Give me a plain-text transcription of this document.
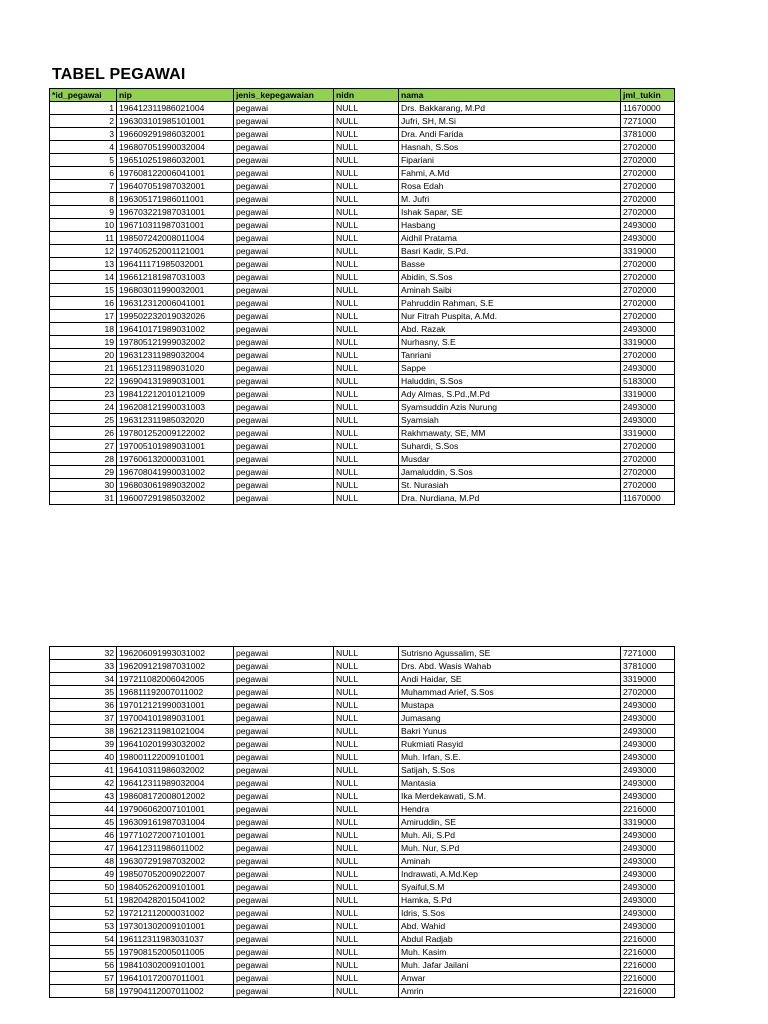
TABEL PEGAWAI
*id_pegawai	nip	jenis_kepegawaian	nidn	nama	jml_tukin
1	196412311986021004	pegawai	NULL	Drs. Bakkarang, M.Pd	11670000
2	196303101985101001	pegawai	NULL	Jufri, SH, M.Si	7271000
3	196609291986032001	pegawai	NULL	Dra. Andi Farida	3781000
4	196807051990032004	pegawai	NULL	Hasnah, S.Sos	2702000
5	196510251986032001	pegawai	NULL	Fipariani	2702000
6	197608122006041001	pegawai	NULL	Fahmi, A.Md	2702000
7	196407051987032001	pegawai	NULL	Rosa Edah	2702000
8	196305171986011001	pegawai	NULL	M. Jufri	2702000
9	196703221987031001	pegawai	NULL	Ishak Sapar, SE	2702000
10	196710311987031001	pegawai	NULL	Hasbang	2493000
11	198507242008011004	pegawai	NULL	Aidhil Pratama	2493000
12	197405252001121001	pegawai	NULL	Basri Kadir, S.Pd.	3319000
13	196411171985032001	pegawai	NULL	Basse	2702000
14	196612181987031003	pegawai	NULL	Abidin, S.Sos	2702000
15	196803011990032001	pegawai	NULL	Aminah Saibi	2702000
16	196312312006041001	pegawai	NULL	Pahruddin Rahman, S.E	2702000
17	199502232019032026	pegawai	NULL	Nur Fitrah Puspita, A.Md.	2702000
18	196410171989031002	pegawai	NULL	Abd. Razak	2493000
19	197805121999032002	pegawai	NULL	Nurhasny, S.E	3319000
20	196312311989032004	pegawai	NULL	Tanriani	2702000
21	196512311989031020	pegawai	NULL	Sappe	2493000
22	196904131989031001	pegawai	NULL	Haluddin, S.Sos	5183000
23	198412212010121009	pegawai	NULL	Ady Almas, S.Pd.,M.Pd	3319000
24	196208121990031003	pegawai	NULL	Syamsuddin Azis Nurung	2493000
25	196312311985032020	pegawai	NULL	Syamsiah	2493000
26	197801252009122002	pegawai	NULL	Rakhmawaty, SE, MM	3319000
27	197005101989031001	pegawai	NULL	Suhardi, S.Sos	2702000
28	197606132000031001	pegawai	NULL	Musdar	2702000
29	196708041990031002	pegawai	NULL	Jamaluddin, S.Sos	2702000
30	196803061989032002	pegawai	NULL	St. Nurasiah	2702000
31	196007291985032002	pegawai	NULL	Dra. Nurdiana, M.Pd	11670000
32	196206091993031002	pegawai	NULL	Sutrisno Agussalim, SE	7271000
33	196209121987031002	pegawai	NULL	Drs. Abd. Wasis Wahab	3781000
34	197211082006042005	pegawai	NULL	Andi Haidar, SE	3319000
35	196811192007011002	pegawai	NULL	Muhammad Arief, S.Sos	2702000
36	197012121990031001	pegawai	NULL	Mustapa	2493000
37	197004101989031001	pegawai	NULL	Jumasang	2493000
38	196212311981021004	pegawai	NULL	Bakri Yunus	2493000
39	196410201993032002	pegawai	NULL	Rukmiati Rasyid	2493000
40	198001122009101001	pegawai	NULL	Muh. Irfan, S.E.	2493000
41	196410311986032002	pegawai	NULL	Satijah, S.Sos	2493000
42	196412311989032004	pegawai	NULL	Mantasia	2493000
43	198608172008012002	pegawai	NULL	Ika Merdekawati, S.M.	2493000
44	197906062007101001	pegawai	NULL	Hendra	2216000
45	196309161987031004	pegawai	NULL	Amiruddin, SE	3319000
46	197710272007101001	pegawai	NULL	Muh. Ali, S.Pd	2493000
47	196412311986011002	pegawai	NULL	Muh. Nur, S.Pd	2493000
48	196307291987032002	pegawai	NULL	Aminah	2493000
49	198507052009022007	pegawai	NULL	Indrawati, A.Md.Kep	2493000
50	198405262009101001	pegawai	NULL	Syaiful,S.M	2493000
51	198204282015041002	pegawai	NULL	Hamka, S.Pd	2493000
52	197212112000031002	pegawai	NULL	Idris, S.Sos	2493000
53	197301302009101001	pegawai	NULL	Abd. Wahid	2493000
54	196112311983031037	pegawai	NULL	Abdul Radjab	2216000
55	197908152005011005	pegawai	NULL	Muh. Kasim	2216000
56	198410302009101001	pegawai	NULL	Muh. Jafar Jailani	2216000
57	196410172007011001	pegawai	NULL	Anwar	2216000
58	197904112007011002	pegawai	NULL	Amrin	2216000
